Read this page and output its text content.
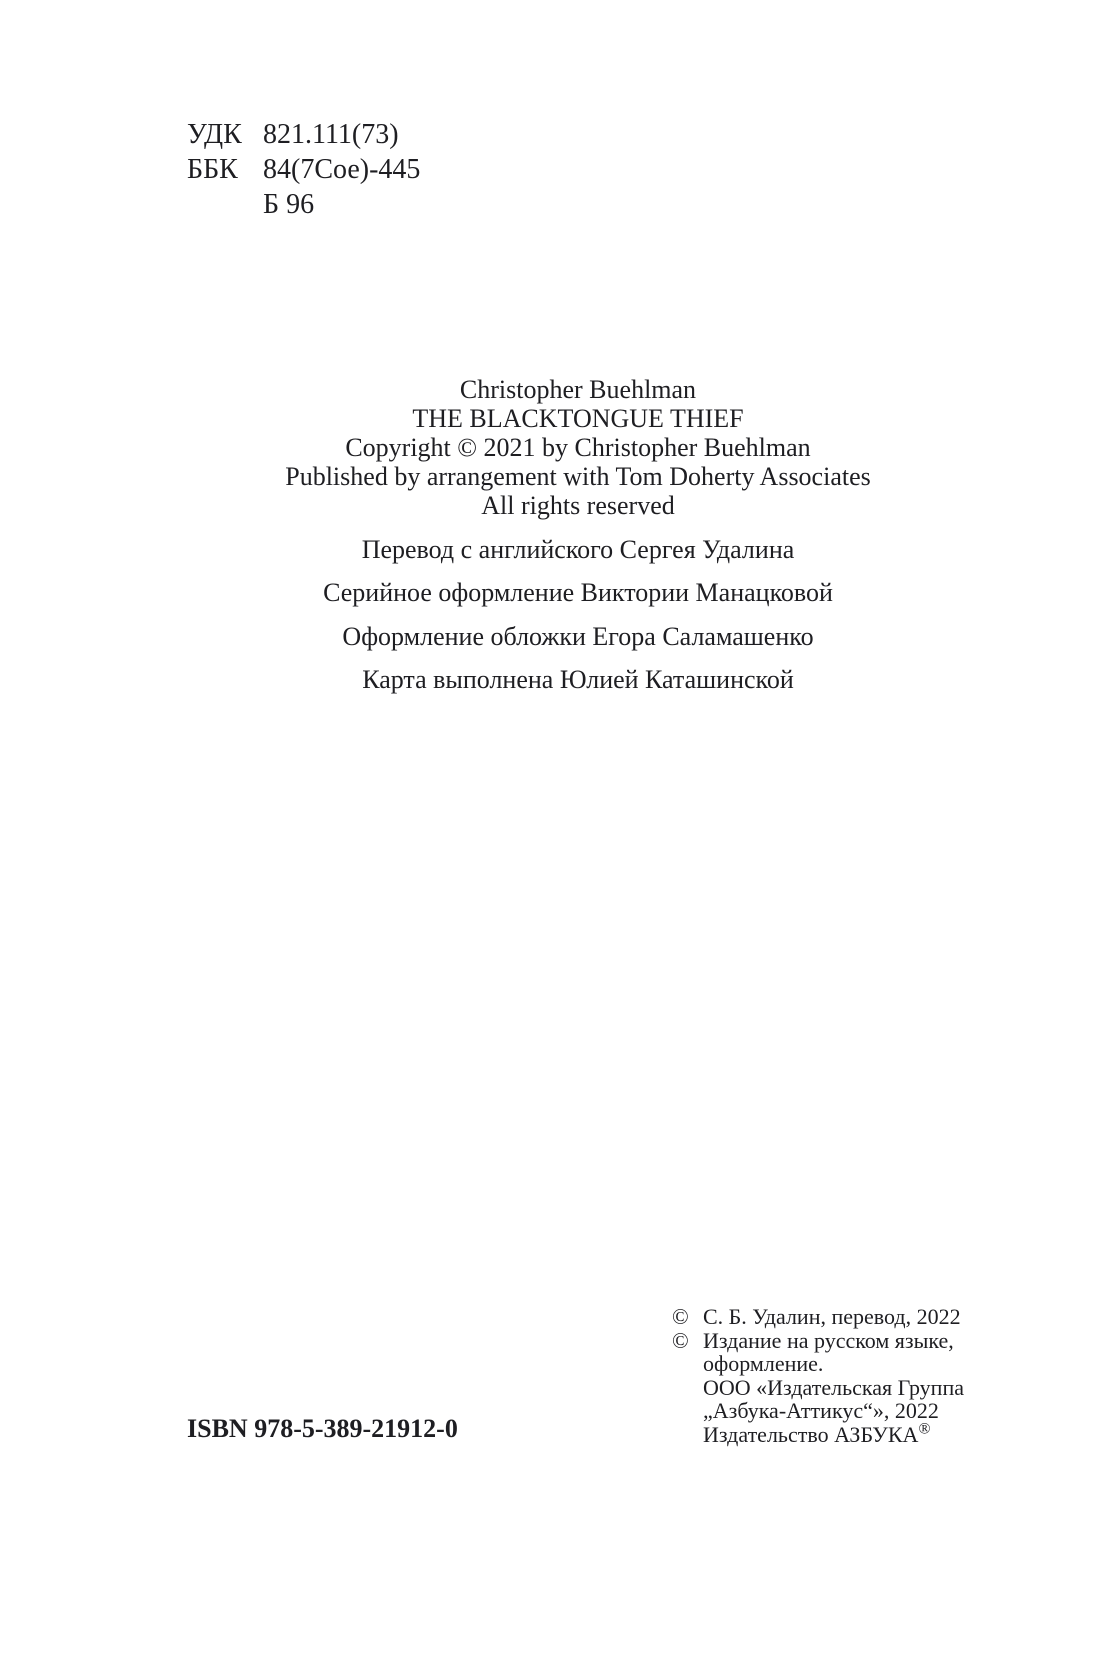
УДК 821.111(73)
ББК 84(7Сое)-445
Б 96

Christopher Buehlman

THE BLACKTONGUE THIEF

Copyright © 2021 by Christopher Buehlman

Published by arrangement with Tom Doherty Associates

All rights reserved

Перевод с английского Сергея Удалина

Серийное оформление Виктории Манацковой

Оформление обложки Егора Саламашенко

Карта выполнена Юлией Каташинской

ISBN 978-5-389-21912-0
© С. Б. Удалин, перевод, 2022
© Издание на русском языке,
оформление.
ООО «Издательская Группа
„Азбука-Аттикус“», 2022
Издательство АЗБУКА®
